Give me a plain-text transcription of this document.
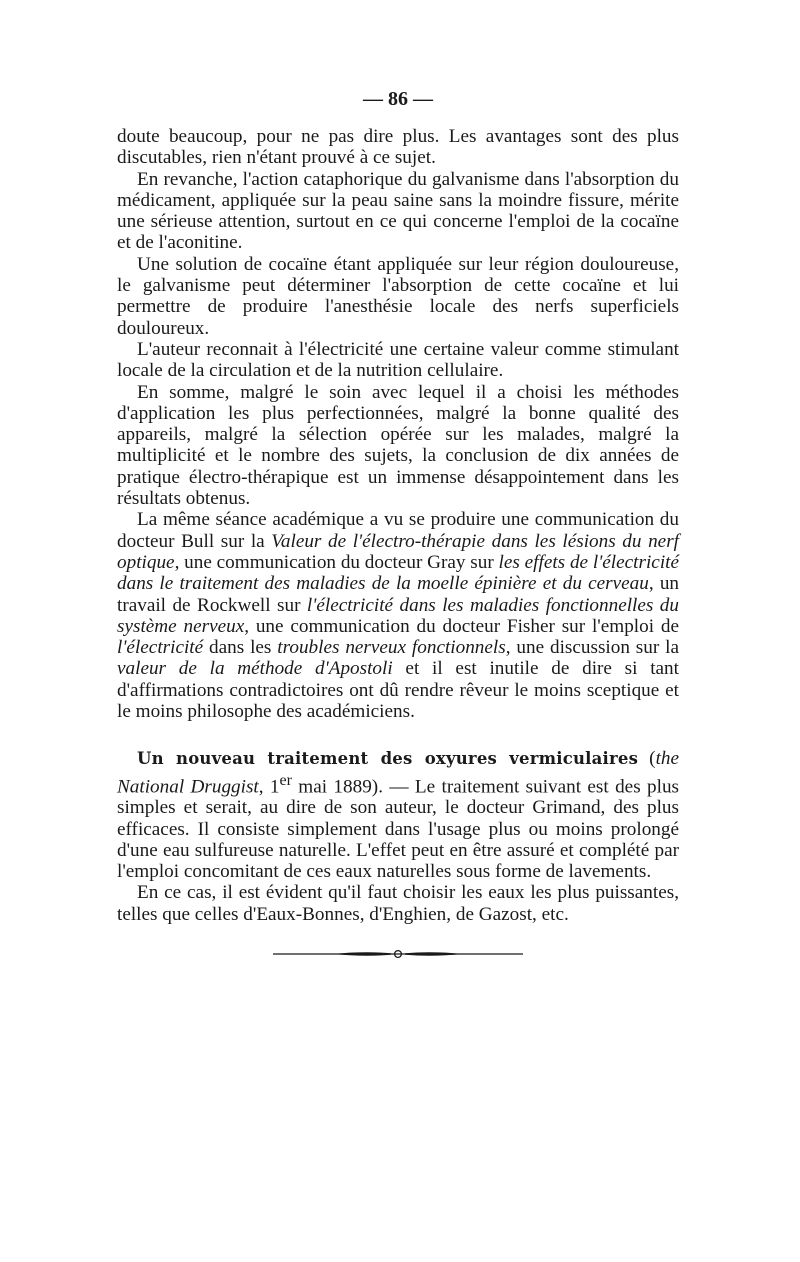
— 86 —

doute beaucoup, pour ne pas dire plus. Les avantages sont des plus discutables, rien n'étant prouvé à ce sujet.

En revanche, l'action cataphorique du galvanisme dans l'absorption du médicament, appliquée sur la peau saine sans la moindre fissure, mérite une sérieuse attention, surtout en ce qui concerne l'emploi de la cocaïne et de l'aconitine.

Une solution de cocaïne étant appliquée sur leur région douloureuse, le galvanisme peut déterminer l'absorption de cette cocaïne et lui permettre de produire l'anesthésie locale des nerfs superficiels douloureux.

L'auteur reconnait à l'électricité une certaine valeur comme stimulant locale de la circulation et de la nutrition cellulaire.

En somme, malgré le soin avec lequel il a choisi les méthodes d'application les plus perfectionnées, malgré la bonne qualité des appareils, malgré la sélection opérée sur les malades, malgré la multiplicité et le nombre des sujets, la conclusion de dix années de pratique électro-thérapique est un immense désappointement dans les résultats obtenus.

La même séance académique a vu se produire une communication du docteur Bull sur la Valeur de l'électro-thérapie dans les lésions du nerf optique, une communication du docteur Gray sur les effets de l'électricité dans le traitement des maladies de la moelle épinière et du cerveau, un travail de Rockwell sur l'électricité dans les maladies fonctionnelles du système nerveux, une communication du docteur Fisher sur l'emploi de l'électricité dans les troubles nerveux fonctionnels, une discussion sur la valeur de la méthode d'Apostoli et il est inutile de dire si tant d'affirmations contradictoires ont dû rendre rêveur le moins sceptique et le moins philosophe des académiciens.

Un nouveau traitement des oxyures vermiculaires (the National Druggist, 1er mai 1889). — Le traitement suivant est des plus simples et serait, au dire de son auteur, le docteur Grimand, des plus efficaces. Il consiste simplement dans l'usage plus ou moins prolongé d'une eau sulfureuse naturelle. L'effet peut en être assuré et complété par l'emploi concomitant de ces eaux naturelles sous forme de lavements.

En ce cas, il est évident qu'il faut choisir les eaux les plus puissantes, telles que celles d'Eaux-Bonnes, d'Enghien, de Gazost, etc.
